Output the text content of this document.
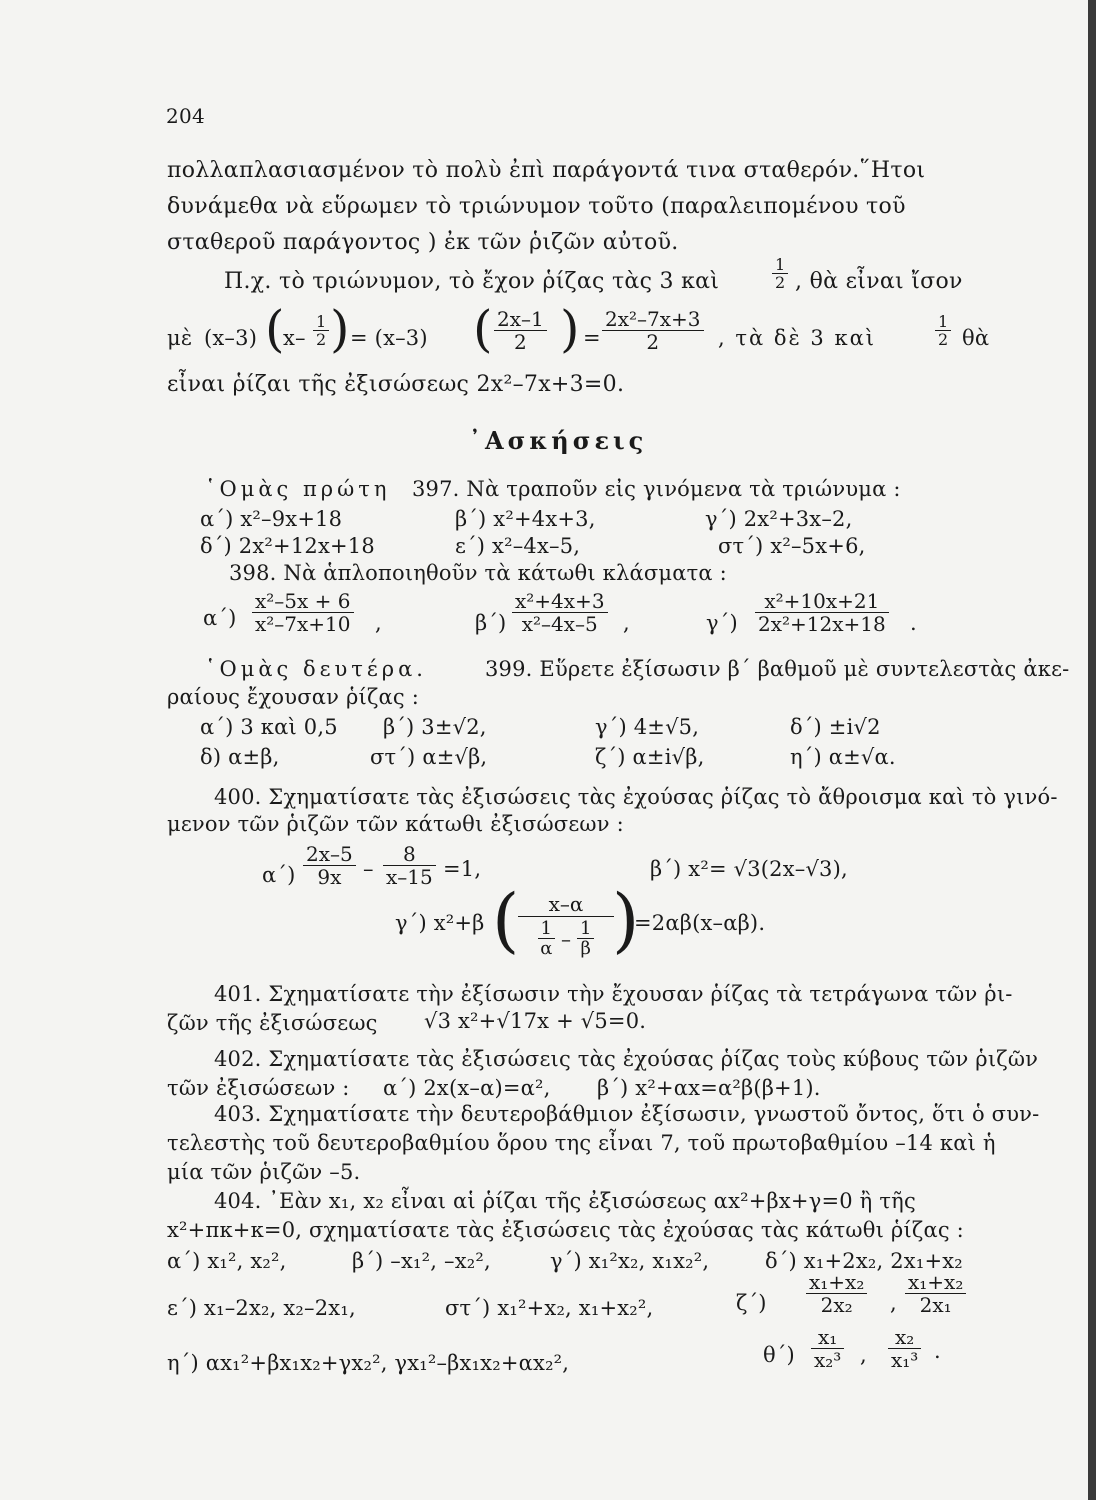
204
πολλαπλασιασμένον τὸ πολὺ ἐπὶ παράγοντά τινα σταθερόν.῞Ητοι
δυνάμεθα νὰ εὕρωμεν τὸ τριώνυμον τοῦτο (παραλειπομένου τοῦ
σταθεροῦ παράγοντος ) ἐκ τῶν ῥιζῶν αὐτοῦ.
Π.χ. τὸ τριώνυμον, τὸ ἔχον ῥίζας τὰς 3 καὶ	$\frac{1}{2}$ , θὰ εἶναι ἴσον
μὲ (x–3) (
$x- \frac{1}{2}$ ) = (x–3) ( $\frac{2x-1}{2}$ ) = $\frac{\text{2x²–7x+3}}{2}$ , τὰ δὲ 3 καὶ	$\frac{1}{2}$ θὰ
εἶναι ῥίζαι τῆς ἐξισώσεως 2x²–7x+3=0.
᾿Ασκήσεις
῾Ομὰς πρώτη 397. Νὰ τραποῦν εἰς γινόμενα τὰ τριώνυμα :
α΄) x²–9x+18	β΄) x²+4x+3,	γ΄) 2x²+3x–2,
δ΄) 2x²+12x+18	ε΄) x²–4x–5,	στ΄) x²–5x+6,
398. Νὰ ἁπλοποιηθοῦν τὰ κάτωθι κλάσματα :
$\alpha΄) \frac{\text{x²–5x + 6}}{\text{x²–7x+10}}$ ,	$\beta΄) \frac{\text{x²+4x+3}}{\text{x²–4x–5}}$ ,	$\gamma΄) \frac{\text{x²+10x+21}}{\text{2x²+12x+18}}$ .
῾Ομὰς δευτέρα.	399. Εὕρετε ἐξίσωσιν β΄ βαθμοῦ μὲ συντελεστὰς ἀκε-
ραίους ἔχουσαν ῥίζας :
α΄) 3 καὶ 0,5 β΄) 3±√2,	γ΄) 4±√5,	δ΄) ±i√2
δ) α±β,	στ΄) α±√β,	ζ΄) α±i√β,	η΄) α±√α.
400. Σχηματίσατε τὰς ἐξισώσεις τὰς ἐχούσας ῥίζας τὸ ἄθροισμα καὶ τὸ γινό-
μενον τῶν ῥιζῶν τῶν κάτωθι ἐξισώσεων :
$\alpha΄) \frac{2x-5}{9x} - \frac{8}{x-15} =1$,	β΄) x²= √3(2x–√3),
γ΄) x²+β (	x–α
$\frac{1}{\alpha} - \frac{1}{\beta}$ )
=2αβ(x–αβ).
401. Σχηματίσατε τὴν ἐξίσωσιν τὴν ἔχουσαν ῥίζας τὰ τετράγωνα τῶν ῥι-
ζῶν τῆς ἐξισώσεως √3 x²+√17x + √5=0.
402. Σχηματίσατε τὰς ἐξισώσεις τὰς ἐχούσας ῥίζας τοὺς κύβους τῶν ῥιζῶν
τῶν ἐξισώσεων : α΄) 2x(x–α)=α², β΄) x²+αx=α²β(β+1).
403. Σχηματίσατε τὴν δευτεροβάθμιον ἐξίσωσιν, γνωστοῦ ὄντος, ὅτι ὁ συν-
τελεστὴς τοῦ δευτεροβαθμίου ὅρου της εἶναι 7, τοῦ πρωτοβαθμίου –14 καὶ ἡ
μία τῶν ῥιζῶν –5.
404. ᾿Εὰν x₁, x₂ εἶναι αἱ ῥίζαι τῆς ἐξισώσεως αx²+βx+γ=0 ἢ τῆς
x²+πκ+κ=0, σχηματίσατε τὰς ἐξισώσεις τὰς ἐχούσας τὰς κάτωθι ῥίζας :
α΄) x₁², x₂²,	β΄) –x₁², –x₂²,	γ΄) x₁²x₂, x₁x₂²,	δ΄) x₁+2x₂, 2x₁+x₂
ε΄) x₁–2x₂, x₂–2x₁,	στ΄) x₁²+x₂, x₁+x₂²,	$\zeta΄) \frac{\text{x₁+x₂}}{\text{2x₂}}$ , $\frac{\text{x₁+x₂}}{\text{2x₁}}$
η΄) αx₁²+βx₁x₂+γx₂², γx₁²–βx₁x₂+αx₂²,	$\theta΄) \frac{\text{x₁}}{\text{x₂³}}$ , $\frac{\text{x₂}}{\text{x₁³}}$ .
